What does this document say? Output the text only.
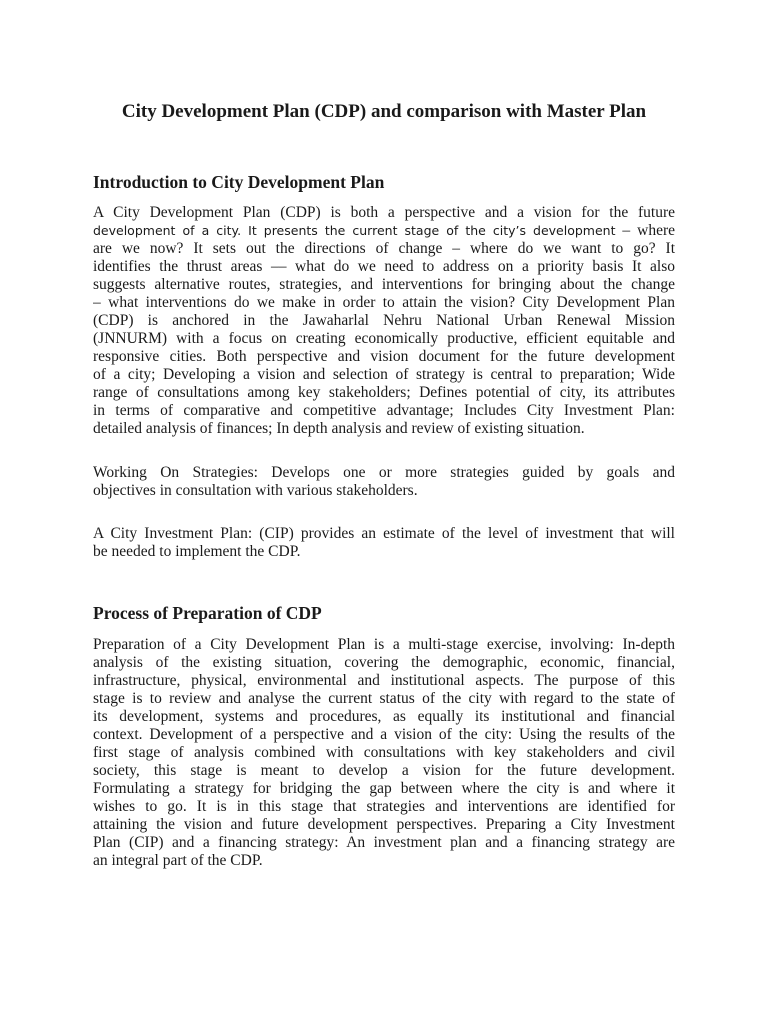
City Development Plan (CDP) and comparison with Master Plan
Introduction to City Development Plan
A City Development Plan (CDP) is both a perspective and a vision for the future
development of a city. It presents the current stage of the city’s development – where
are we now? It sets out the directions of change – where do we want to go? It
identifies the thrust areas –– what do we need to address on a priority basis It also
suggests alternative routes, strategies, and interventions for bringing about the change
– what interventions do we make in order to attain the vision? City Development Plan
(CDP) is anchored in the Jawaharlal Nehru National Urban Renewal Mission
(JNNURM) with a focus on creating economically productive, efficient equitable and
responsive cities. Both perspective and vision document for the future development
of a city; Developing a vision and selection of strategy is central to preparation; Wide
range of consultations among key stakeholders; Defines potential of city, its attributes
in terms of comparative and competitive advantage; Includes City Investment Plan:
detailed analysis of finances; In depth analysis and review of existing situation.
Working On Strategies: Develops one or more strategies guided by goals and
objectives in consultation with various stakeholders.
A City Investment Plan: (CIP) provides an estimate of the level of investment that will
be needed to implement the CDP.
Process of Preparation of CDP
Preparation of a City Development Plan is a multi-stage exercise, involving: In-depth
analysis of the existing situation, covering the demographic, economic, financial,
infrastructure, physical, environmental and institutional aspects. The purpose of this
stage is to review and analyse the current status of the city with regard to the state of
its development, systems and procedures, as equally its institutional and financial
context. Development of a perspective and a vision of the city: Using the results of the
first stage of analysis combined with consultations with key stakeholders and civil
society, this stage is meant to develop a vision for the future development.
Formulating a strategy for bridging the gap between where the city is and where it
wishes to go. It is in this stage that strategies and interventions are identified for
attaining the vision and future development perspectives. Preparing a City Investment
Plan (CIP) and a financing strategy: An investment plan and a financing strategy are
an integral part of the CDP.
